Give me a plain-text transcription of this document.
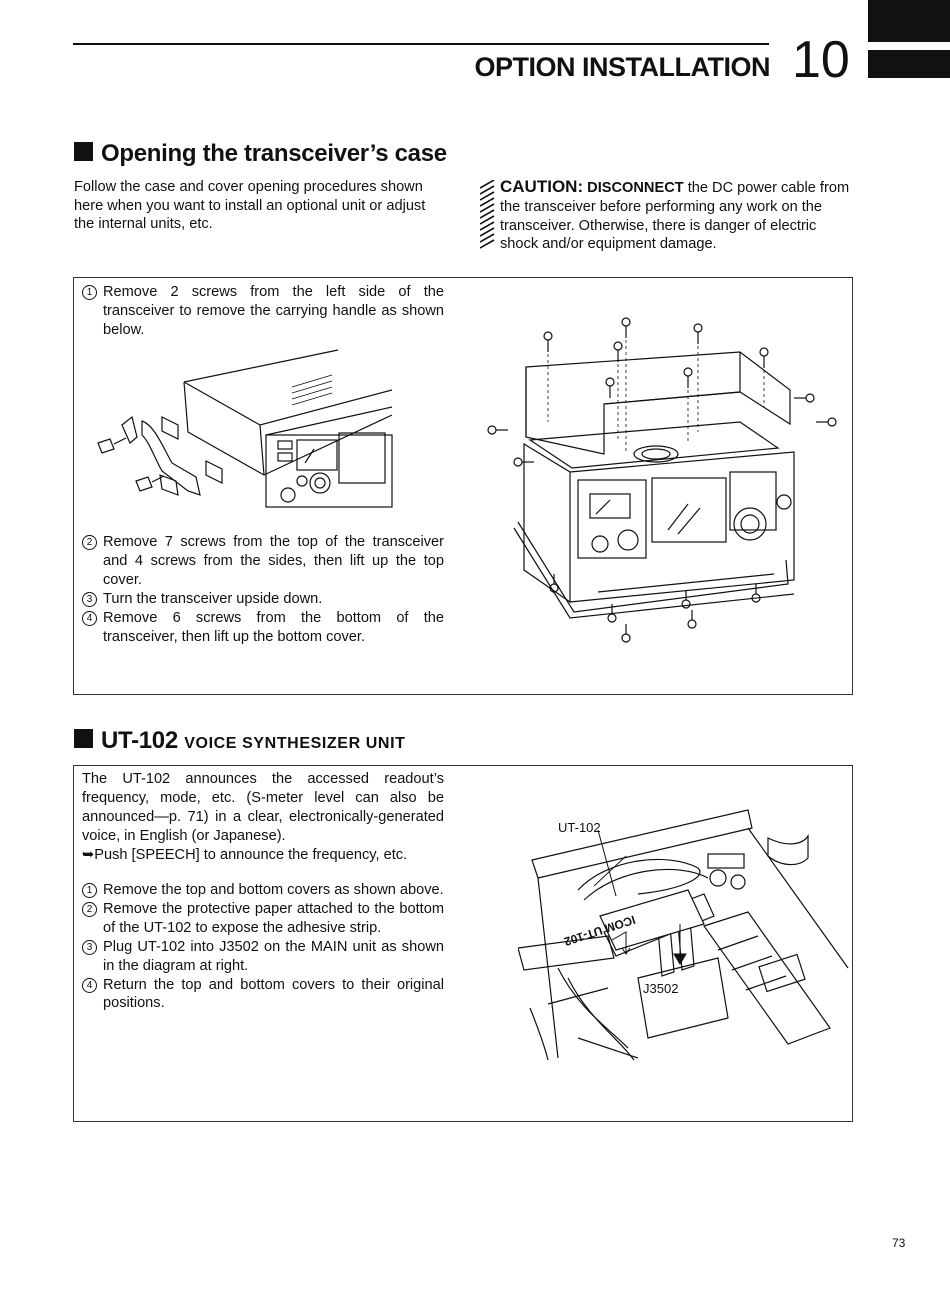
OPTION INSTALLATION 10
Opening the transceiver’s case
Follow the case and cover opening procedures shown here when you want to install an optional unit or adjust the internal units, etc.
CAUTION: DISCONNECT the DC power cable from the transceiver before performing any work on the transceiver. Otherwise, there is danger of electric shock and/or equipment damage.
1 Remove 2 screws from the left side of the transceiver to remove the carrying handle as shown below.
2 Remove 7 screws from the top of the transceiver and 4 screws from the sides, then lift up the top cover.
3 Turn the transceiver upside down.
4 Remove 6 screws from the bottom of the transceiver, then lift up the bottom cover.
UT-102 VOICE SYNTHESIZER UNIT
The UT-102 announces the accessed readout’s frequency, mode, etc. (S-meter level can also be announced—p. 71) in a clear, electronically-generated voice, in English (or Japanese).
➥Push [SPEECH] to announce the frequency, etc.
1 Remove the top and bottom covers as shown above.
2 Remove the protective paper attached to the bottom of the UT-102 to expose the adhesive strip.
3 Plug UT-102 into J3502 on the MAIN unit as shown in the diagram at right.
4 Return the top and bottom covers to their original positions.
ICOM UT-102
UT-102
J3502
73
